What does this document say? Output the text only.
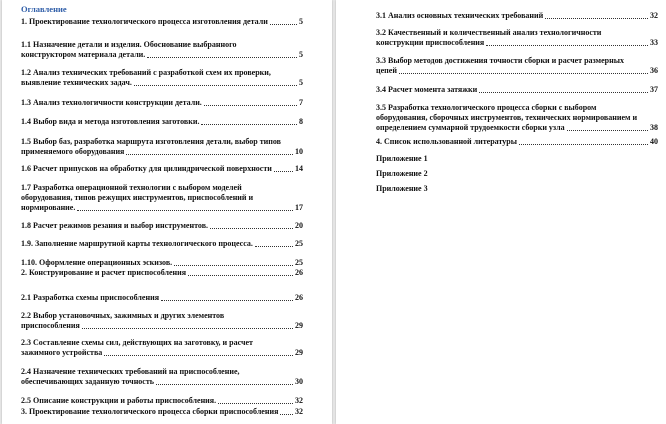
Оглавление
1. Проектирование технологического процесса изготовления детали	5
1.1 Назначение детали и изделия. Обоснование выбранного
конструктором материала детали.	5
1.2 Анализ технических требований с разработкой схем их проверки,
выявление технических задач.	5
1.3 Анализ технологичности конструкции детали.	7
1.4 Выбор вида и метода изготовления заготовки.	8
1.5 Выбор баз, разработка маршрута изготовления детали, выбор типов
применяемого оборудования	10
1.6 Расчет припусков на обработку для цилиндрической поверхности	14
1.7 Разработка операционной технологии с выбором моделей
оборудования, типов режущих инструментов, приспособлений и
нормирование.	17
1.8 Расчет режимов резания и выбор инструментов.	20
1.9. Заполнение маршрутной карты технологического процесса.	25
1.10. Оформление операционных эскизов.	25
2. Конструирование и расчет приспособления	26
2.1 Разработка схемы приспособления	26
2.2 Выбор установочных, зажимных и других элементов
приспособления	29
2.3 Составление схемы сил, действующих на заготовку, и расчет
зажимного устройства	29
2.4 Назначение технических требований на приспособление,
обеспечивающих заданную точность	30
2.5 Описание конструкции и работы приспособления.	32
3. Проектирование технологического процесса сборки приспособления 32
3.1 Анализ основных технических требований	32
3.2 Качественный и количественный анализ технологичности
конструкции приспособления	33
3.3 Выбор методов достижения точности сборки и расчет размерных
цепей	36
3.4 Расчет момента затяжки	37
3.5 Разработка технологического процесса сборки с выбором
оборудования, сборочных инструментов, технических нормированием и
определением суммарной трудоемкости сборки узла	38
4. Список использованной литературы	40
Приложение 1
Приложение 2
Приложение 3
